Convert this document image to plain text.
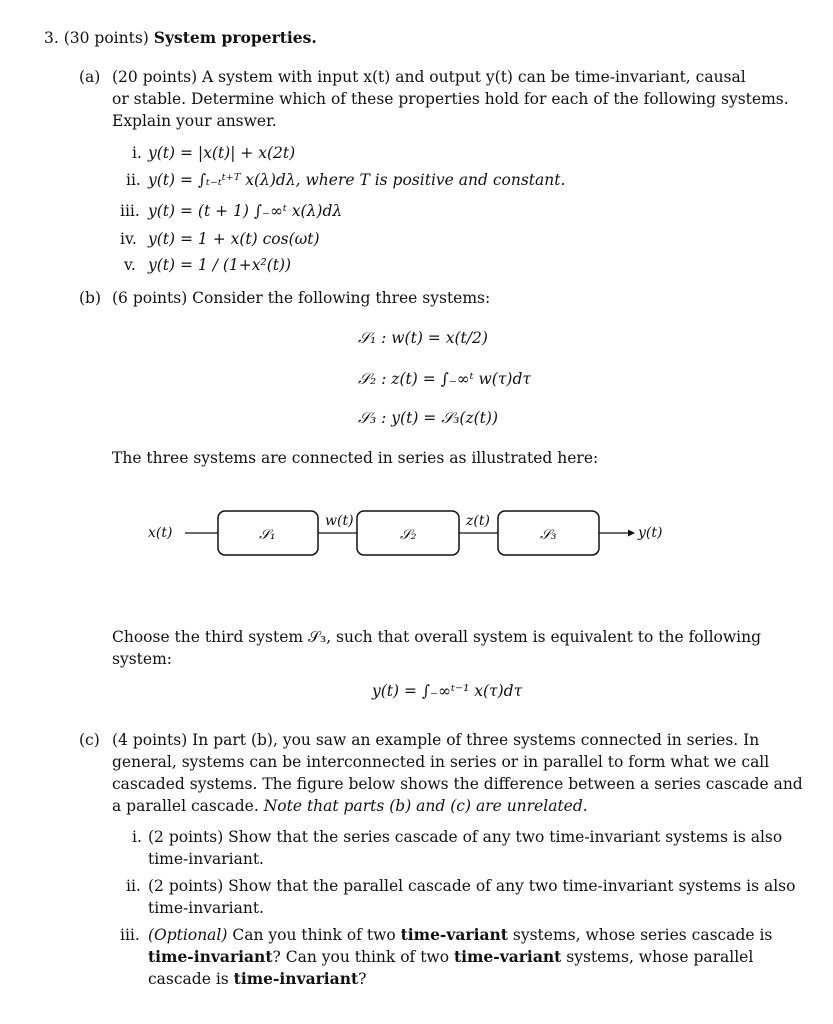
3. (30 points) System properties.
(a) (20 points) A system with input x(t) and output y(t) can be time-invariant, causal
or stable. Determine which of these properties hold for each of the following systems.
Explain your answer.
i. y(t) = |x(t)| + x(2t)
ii. y(t) = ∫ₜ₋ₜᵗ⁺ᵀ x(λ)dλ, where T is positive and constant.
iii. y(t) = (t + 1) ∫₋∞ᵗ x(λ)dλ
iv. y(t) = 1 + x(t) cos(ωt)
v. y(t) = 1 / (1+x²(t))
(b) (6 points) Consider the following three systems:
𝒮₁ : w(t) = x(t/2)
𝒮₂ : z(t) = ∫₋∞ᵗ w(τ)dτ
𝒮₃ : y(t) = 𝒮₃(z(t))
The three systems are connected in series as illustrated here:
x(t)	𝒮₁
w(t)
𝒮₂
z(t)
𝒮₃	y(t)
Choose the third system 𝒮₃, such that overall system is equivalent to the following
system:
y(t) = ∫₋∞ᵗ⁻¹ x(τ)dτ
(c) (4 points) In part (b), you saw an example of three systems connected in series. In
general, systems can be interconnected in series or in parallel to form what we call
cascaded systems. The figure below shows the difference between a series cascade and
a parallel cascade. Note that parts (b) and (c) are unrelated.
i. (2 points) Show that the series cascade of any two time-invariant systems is also
time-invariant.
ii. (2 points) Show that the parallel cascade of any two time-invariant systems is also
time-invariant.
iii. (Optional) Can you think of two time-variant systems, whose series cascade is
time-invariant? Can you think of two time-variant systems, whose parallel
cascade is time-invariant?
